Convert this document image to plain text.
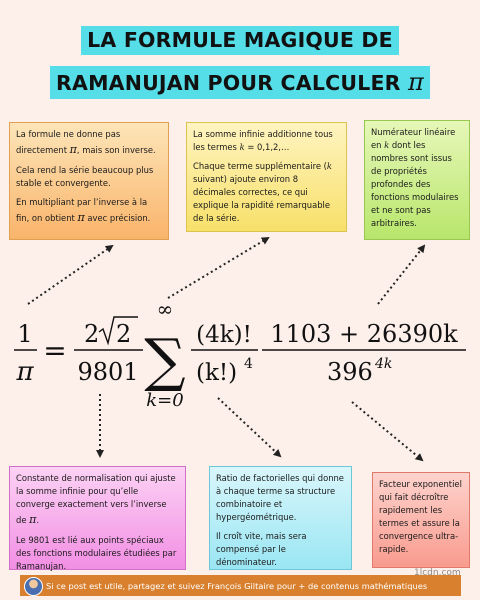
LA FORMULE MAGIQUE DE
RAMANUJAN POUR CALCULER π

La formule ne donne pas directement π, mais son inverse.

Cela rend la série beaucoup plus stable et convergente.

En multipliant par l’inverse à la fin, on obtient π avec précision.

La somme infinie additionne tous les termes k = 0,1,2,…

Chaque terme supplémentaire (k suivant) ajoute environ 8 décimales correctes, ce qui explique la rapidité remarquable de la série.

Numérateur linéaire en k dont les nombres sont issus de propriétés profondes des fonctions modulaires et ne sont pas arbitraires.

1
π
= 2 2
9801
∞
∑
k=0
(4k)!
(k!) 4
1103 + 26390k
396 4k

Constante de normalisation qui ajuste la somme infinie pour qu’elle converge exactement vers l’inverse de π.

Le 9801 est lié aux points spéciaux des fonctions modulaires étudiées par Ramanujan.

Ratio de factorielles qui donne à chaque terme sa structure combinatoire et hypergéométrique.

Il croît vite, mais sera compensé par le dénominateur.

Facteur exponentiel qui fait décroître rapidement les termes et assure la convergence ultra-rapide.

Si ce post est utile, partagez et suivez François Giltaire pour + de contenus mathématiques
1lcdn.com
